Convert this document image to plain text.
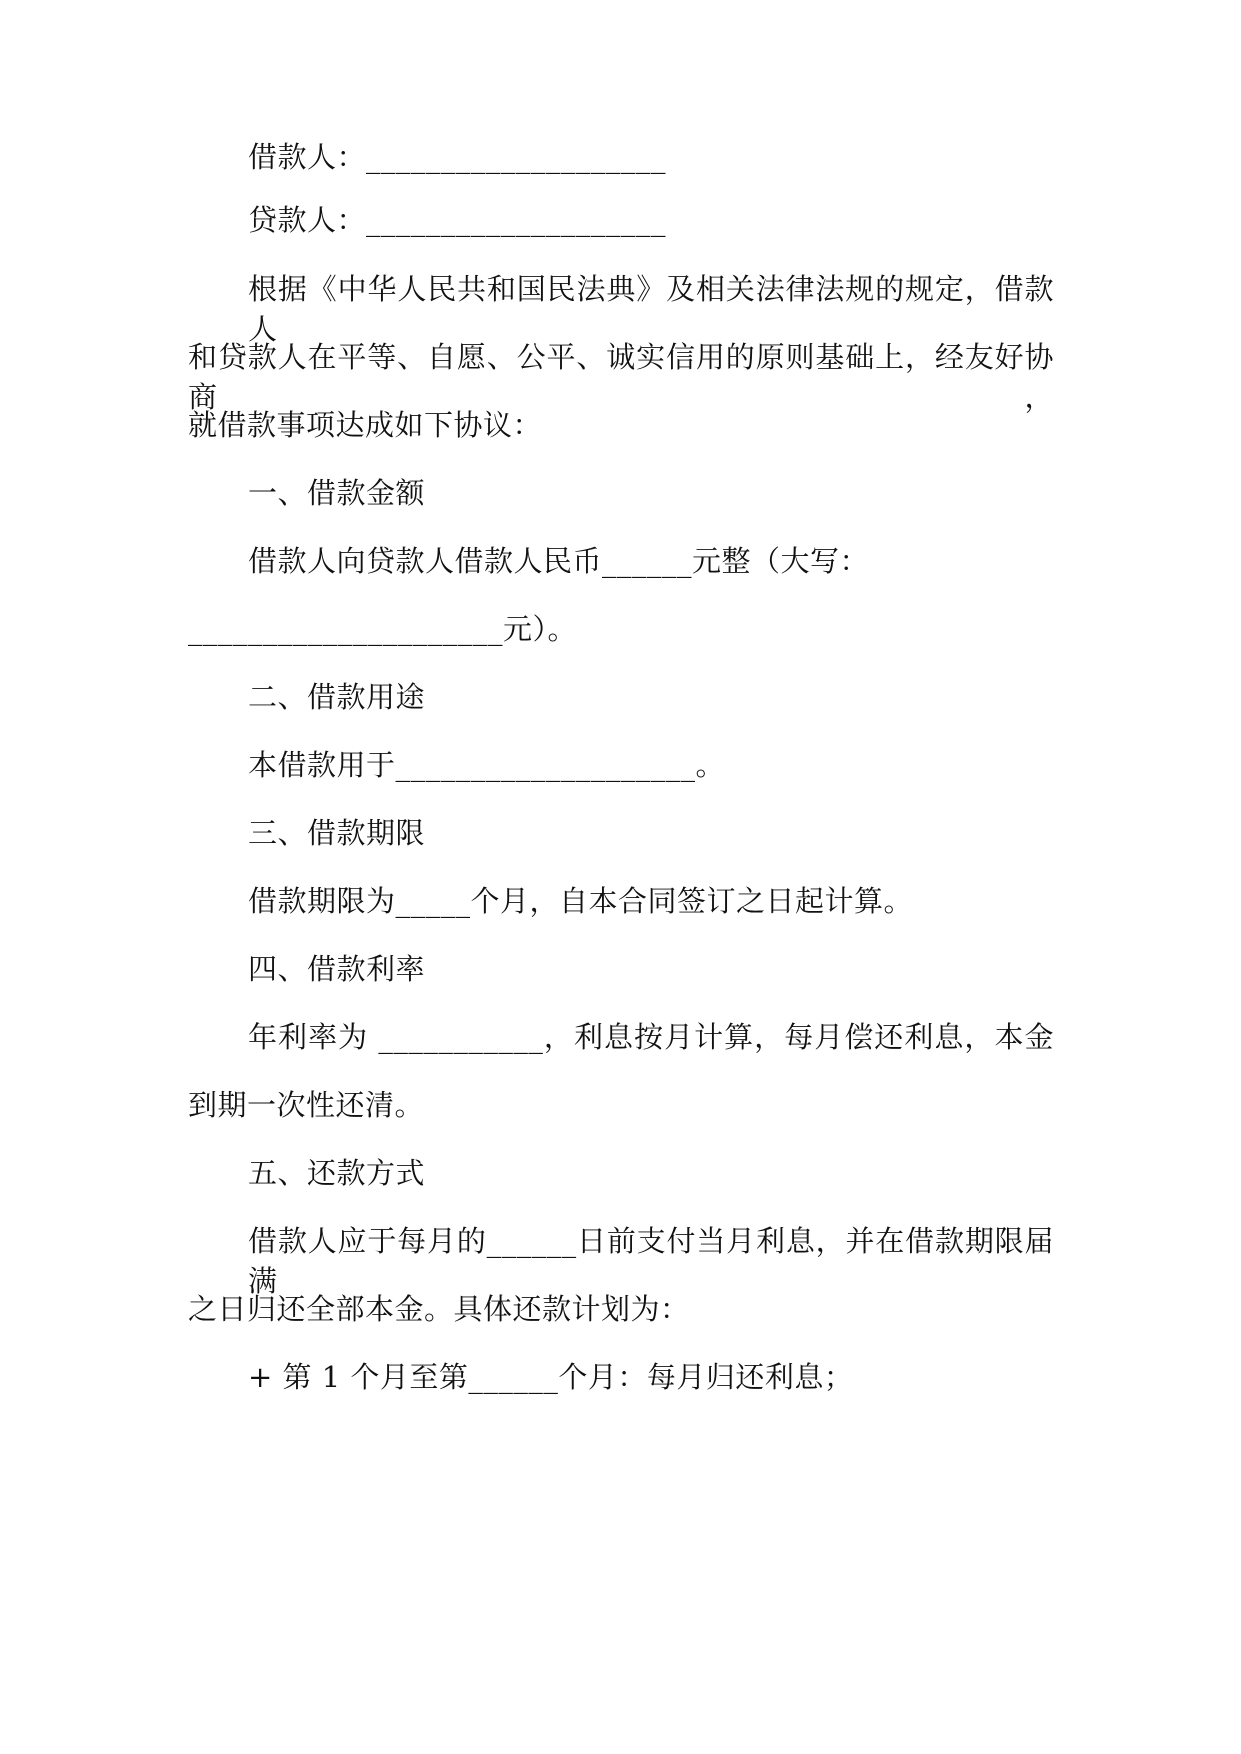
借款人：____________________
贷款人：____________________
根据《中华人民共和国民法典》及相关法律法规的规定，借款人
和贷款人在平等、自愿、公平、诚实信用的原则基础上，经友好协商，
就借款事项达成如下协议：
一、借款金额
借款人向贷款人借款人民币______元整（大写：
_____________________元）。
二、借款用途
本借款用于____________________。
三、借款期限
借款期限为_____个月，自本合同签订之日起计算。
四、借款利率
年利率为 ___________，利息按月计算，每月偿还利息，本金
到期一次性还清。
五、还款方式
借款人应于每月的______日前支付当月利息，并在借款期限届满
之日归还全部本金。具体还款计划为：
+ 第 1 个月至第______个月：每月归还利息；
